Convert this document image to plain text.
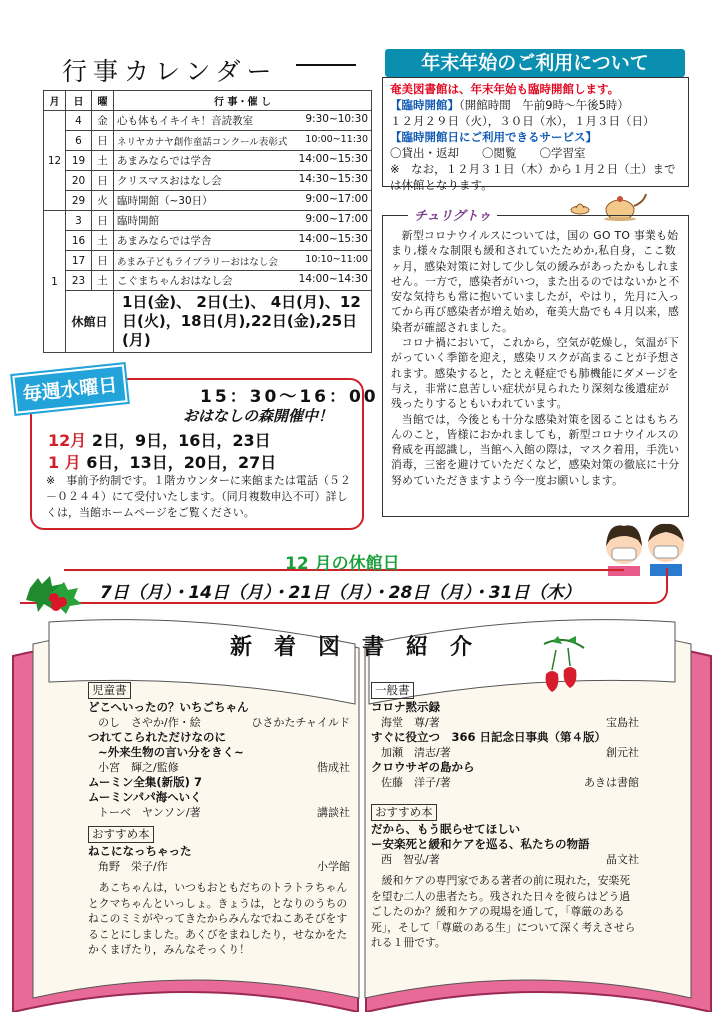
行事カレンダー
月	日	曜	行 事・催 し
12	4	金	心も体もイキイキ！音読教室 9:30~10:30

	6	日	ネリヤカナヤ創作童話コンクール表彰式 10:00~11:30

	19	土	あまみならでは学舎 14:00~15:30

	20	日	クリスマスおはなし会 14:30~15:30

	29	火	臨時開館（~30日） 9:00~17:00

1	3	日	臨時開館 9:00~17:00

	16	土	あまみならでは学舎 14:00~15:30

	17	日	あまみ子どもライブラリーおはなし会 10:10~11:00

	23	土	こぐまちゃんおはなし会 14:00~14:30

	休館日		1日(金)、 2日(土)、 4日(月)、12日(火)，18日(月),22日(金),25日(月)
年末年始のご利用について
奄美図書館は、年末年始も臨時開館します。
【臨時開館】（開館時間　午前9時～午後5時）
１２月２９日（火），３０日（水），１月３日（日）
【臨時開館日にご利用できるサービス】
〇貸出・返却　　〇閲覧　　〇学習室
※　なお，１２月３１日（木）から１月２日（土）までは休館となります。

新型コロナウイルスについては，国の GO TO 事業も始まり,様々な制限も緩和されていたためか,私自身，ここ数ヶ月，感染対策に対して少し気の緩みがあったかもしれません。一方で，感染者がいつ，また出るのではないかと不安な気持ちも常に抱いていましたが，やはり，先月に入ってから再び感染者が増え始め，奄美大島でも４月以来，感染者が確認されました。

コロナ禍において，これから，空気が乾燥し，気温が下がっていく季節を迎え，感染リスクが高まることが予想されます。感染すると，たとえ軽症でも肺機能にダメージを与え，非常に息苦しい症状が見られたり深刻な後遺症が残ったりするともいわれています。

当館では，今後とも十分な感染対策を図ることはもちろんのこと，皆様におかれましても，新型コロナウイルスの脅威を再認識し，当館へ入館の際は，マスク着用，手洗い消毒，三密を避けていただくなど，感染対策の徹底に十分努めていただきますよう今一度お願いします。

チュリグトゥ
毎週水曜日	15：30～16：00
おはなしの森開催中！
12月 2日，9日，16日，23日
1 月 6日，13日，20日，27日
※　事前予約制です。１階カウンターに来館または電話（５２－０２４４）にて受付いたします。（同月複数申込不可）詳しくは，当館ホームページをご覧ください。
12 月の休館日
7日（月）・14日（月）・21日（月）・28日（月）・31日（木）
新着図書紹介
児童書
どこへいったの？いちごちゃん
のし　さやか/作・絵	ひさかたチャイルド
つれてこられただけなのに
~外来生物の言い分をきく~
小宮　輝之/監修	偕成社
ムーミン全集(新版) 7
ムーミンパパ海へいく
トーベ　ヤンソン/著	講談社
おすすめ本
ねこになっちゃった
角野　栄子/作	小学館
あこちゃんは，いつもおともだちのトラトラちゃんとクマちゃんといっしょ。きょうは，となりのうちのねこのミミがやってきたからみんなでねこあそびをすることにしました。あくびをまねしたり，せなかをたかくまげたり，みんなそっくり！
一般書
コロナ黙示録
海堂　尊/著	宝島社
すぐに役立つ　366 日記念日事典（第４版）
加瀬　清志/著	創元社
クロウサギの島から
佐藤　洋子/著	あきは書館
おすすめ本
だから、もう眠らせてほしい
ー安楽死と緩和ケアを巡る、私たちの物語
西　智弘/著	晶文社
緩和ケアの専門家である著者の前に現れた，安楽死を望む二人の患者たち。残された日々を彼らはどう過ごしたのか？緩和ケアの現場を通して，「尊厳のある死」，そして「尊厳のある生」について深く考えさせられる１冊です。
